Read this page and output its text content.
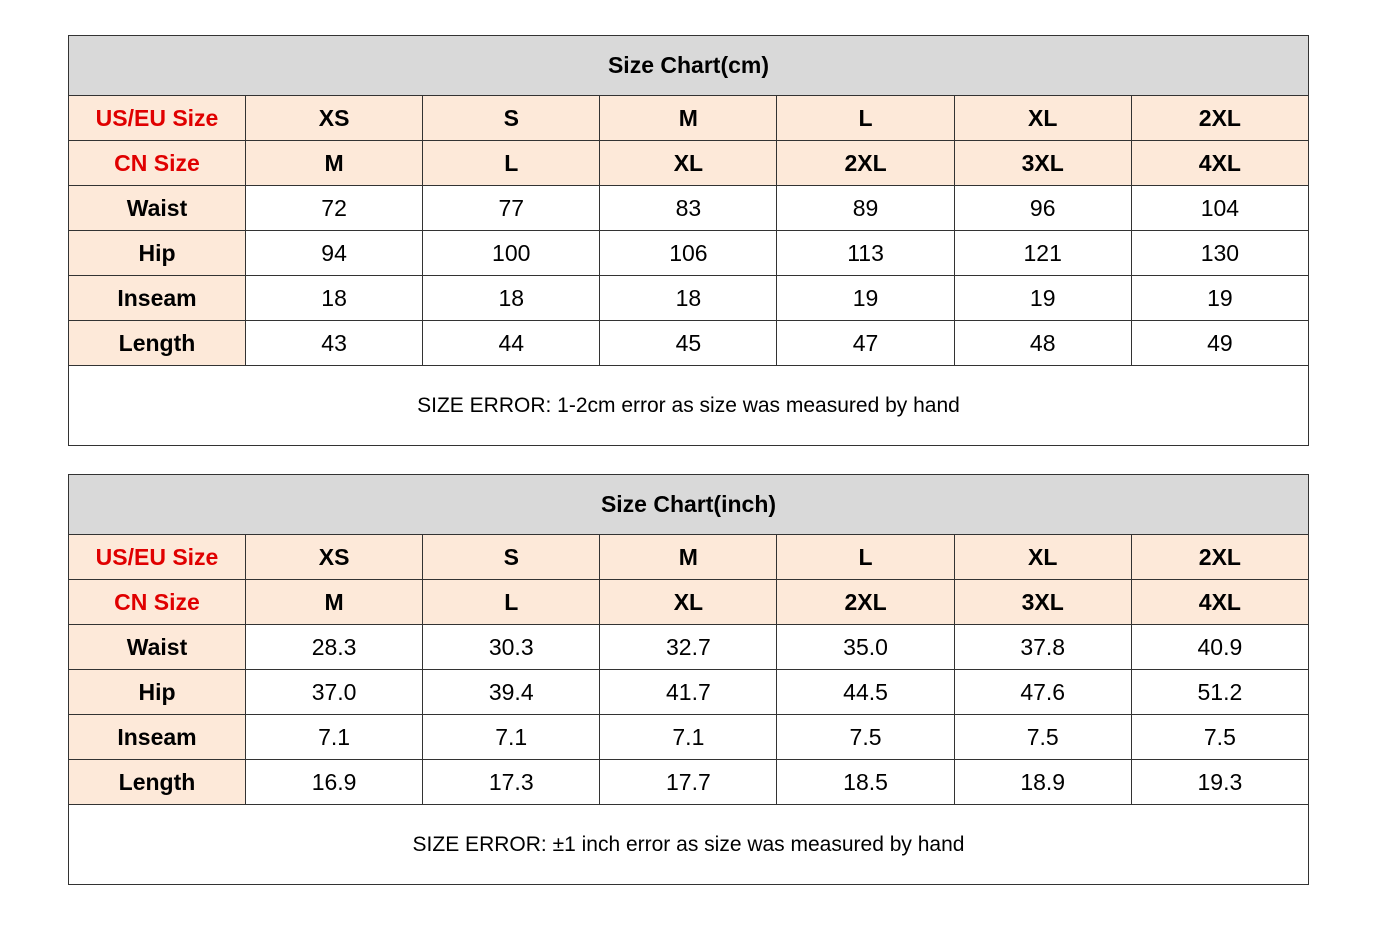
Size Chart(cm)						
US/EU Size	XS	S	M	L	XL	2XL
CN Size	M	L	XL	2XL	3XL	4XL
Waist	72	77	83	89	96	104
Hip	94	100	106	113	121	130
Inseam	18	18	18	19	19	19
Length	43	44	45	47	48	49
SIZE ERROR: 1-2cm error as size was measured by hand						
Size Chart(inch)						
US/EU Size	XS	S	M	L	XL	2XL
CN Size	M	L	XL	2XL	3XL	4XL
Waist	28.3	30.3	32.7	35.0	37.8	40.9
Hip	37.0	39.4	41.7	44.5	47.6	51.2
Inseam	7.1	7.1	7.1	7.5	7.5	7.5
Length	16.9	17.3	17.7	18.5	18.9	19.3
SIZE ERROR: ±1 inch error as size was measured by hand						
